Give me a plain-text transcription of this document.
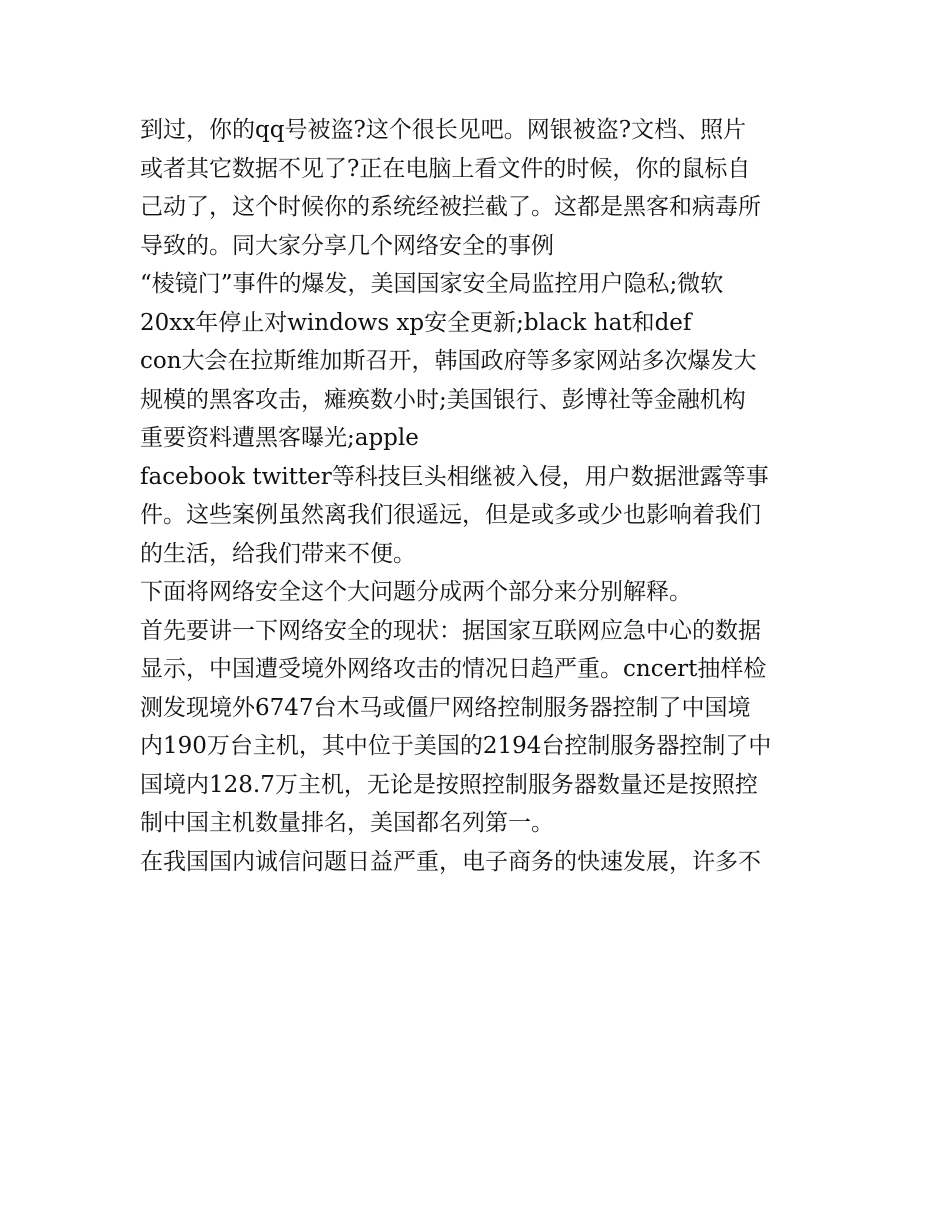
到过，你的qq号被盗?这个很长见吧。网银被盗?文档、照片
或者其它数据不见了?正在电脑上看文件的时候，你的鼠标自
己动了，这个时候你的系统经被拦截了。这都是黑客和病毒所
导致的。同大家分享几个网络安全的事例
“棱镜门”事件的爆发，美国国家安全局监控用户隐私;微软
20xx年停止对windows xp安全更新;black hat和def
con大会在拉斯维加斯召开，韩国政府等多家网站多次爆发大
规模的黑客攻击，瘫痪数小时;美国银行、彭博社等金融机构
重要资料遭黑客曝光;apple
facebook twitter等科技巨头相继被入侵，用户数据泄露等事
件。这些案例虽然离我们很遥远，但是或多或少也影响着我们
的生活，给我们带来不便。
下面将网络安全这个大问题分成两个部分来分别解释。
首先要讲一下网络安全的现状：据国家互联网应急中心的数据
显示，中国遭受境外网络攻击的情况日趋严重。cncert抽样检
测发现境外6747台木马或僵尸网络控制服务器控制了中国境
内190万台主机，其中位于美国的2194台控制服务器控制了中
国境内128.7万主机，无论是按照控制服务器数量还是按照控
制中国主机数量排名，美国都名列第一。
在我国国内诚信问题日益严重，电子商务的快速发展，许多不
